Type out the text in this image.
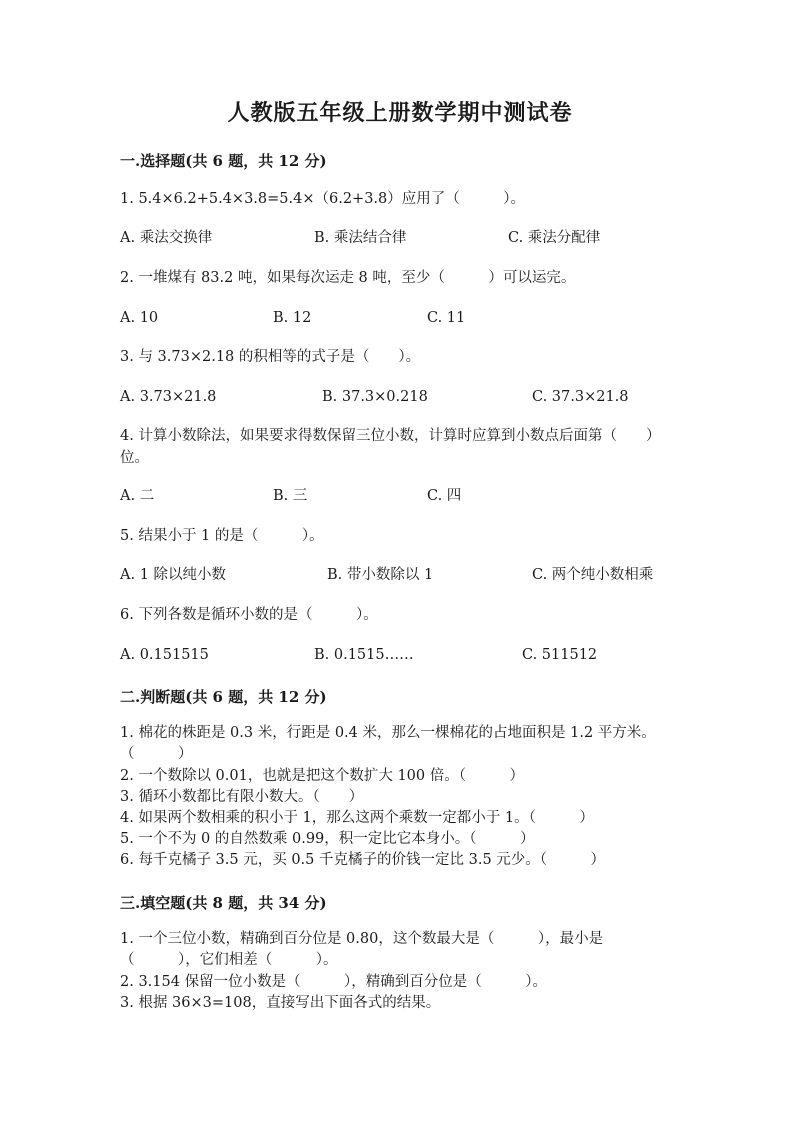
人教版五年级上册数学期中测试卷
一.选择题(共 6 题，共 12 分)
1. 5.4×6.2+5.4×3.8=5.4×（6.2+3.8）应用了（　　　）。
A. 乘法交换律	B. 乘法结合律	C. 乘法分配律
2. 一堆煤有 83.2 吨，如果每次运走 8 吨，至少（　　　）可以运完。
A. 10	B. 12	C. 11
3. 与 3.73×2.18 的积相等的式子是（　　）。
A. 3.73×21.8	B. 37.3×0.218	C. 37.3×21.8
4. 计算小数除法，如果要求得数保留三位小数，计算时应算到小数点后面第（　　）位。
A. 二	B. 三	C. 四
5. 结果小于 1 的是（　　　）。
A. 1 除以纯小数	B. 带小数除以 1	C. 两个纯小数相乘
6. 下列各数是循环小数的是（　　　）。
A. 0.151515	B. 0.1515……	C. 511512
二.判断题(共 6 题，共 12 分)
1. 棉花的株距是 0.3 米，行距是 0.4 米，那么一棵棉花的占地面积是 1.2 平方米。（　　　）
2. 一个数除以 0.01，也就是把这个数扩大 100 倍。（　　　）
3. 循环小数都比有限小数大。（　　）
4. 如果两个数相乘的积小于 1，那么这两个乘数一定都小于 1。（　　　）
5. 一个不为 0 的自然数乘 0.99，积一定比它本身小。（　　　）
6. 每千克橘子 3.5 元，买 0.5 千克橘子的价钱一定比 3.5 元少。（　　　）
三.填空题(共 8 题，共 34 分)
1. 一个三位小数，精确到百分位是 0.80，这个数最大是（　　　），最小是（　　　），它们相差（　　　）。
2. 3.154 保留一位小数是（　　　），精确到百分位是（　　　）。
3. 根据 36×3=108，直接写出下面各式的结果。
